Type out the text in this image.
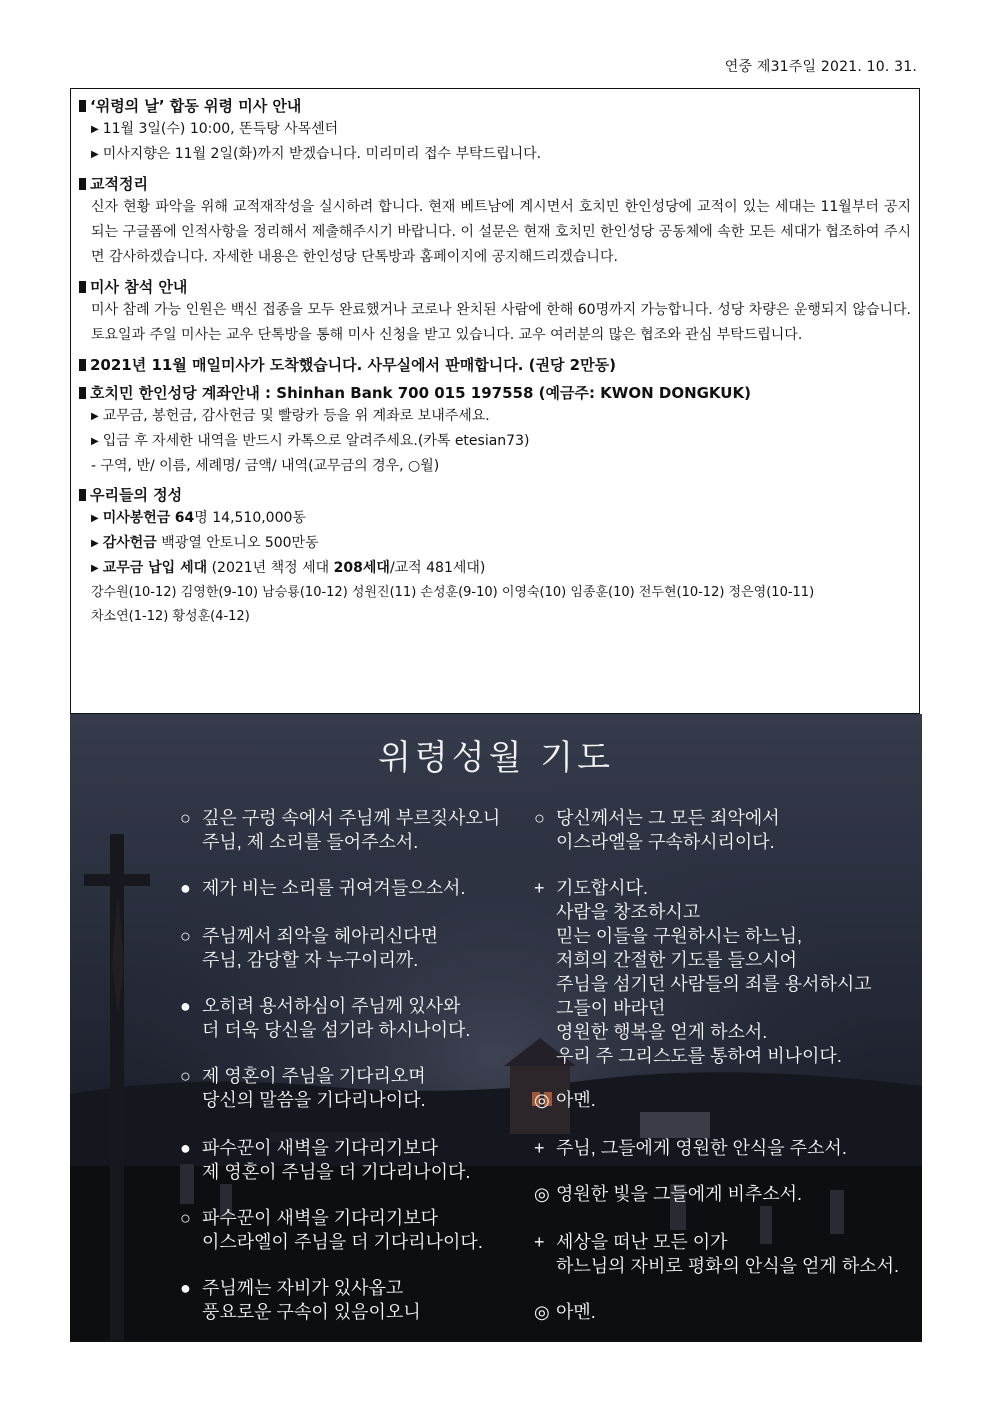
연중 제31주일 2021. 10. 31.
‘위령의 날’ 합동 위령 미사 안내
▶ 11월 3일(수) 10:00, 똔득탕 사목센터
▶ 미사지향은 11월 2일(화)까지 받겠습니다. 미리미리 접수 부탁드립니다.
교적정리
신자 현황 파악을 위해 교적재작성을 실시하려 합니다. 현재 베트남에 계시면서 호치민 한인성당에 교적이 있는 세대는 11월부터 공지되는 구글폼에 인적사항을 정리해서 제출해주시기 바랍니다. 이 설문은 현재 호치민 한인성당 공동체에 속한 모든 세대가 협조하여 주시면 감사하겠습니다. 자세한 내용은 한인성당 단톡방과 홈페이지에 공지해드리겠습니다.
미사 참석 안내
미사 참례 가능 인원은 백신 접종을 모두 완료했거나 코로나 완치된 사람에 한해 60명까지 가능합니다. 성당 차량은 운행되지 않습니다. 토요일과 주일 미사는 교우 단톡방을 통해 미사 신청을 받고 있습니다. 교우 여러분의 많은 협조와 관심 부탁드립니다.
2021년 11월 매일미사가 도착했습니다. 사무실에서 판매합니다. (권당 2만동)
호치민 한인성당 계좌안내 : Shinhan Bank 700 015 197558 (예금주: KWON DONGKUK)
▶ 교무금, 봉헌금, 감사헌금 및 빨랑카 등을 위 계좌로 보내주세요.
▶ 입금 후 자세한 내역을 반드시 카톡으로 알려주세요.(카톡 etesian73)
- 구역, 반/ 이름, 세례명/ 금액/ 내역(교무금의 경우, ○월)
우리들의 정성
▶ 미사봉헌금 64명 14,510,000동
▶ 감사헌금 백광열 안토니오 500만동
▶ 교무금 납입 세대 (2021년 책정 세대 208세대/교적 481세대)
강수원(10-12) 김영한(9-10) 남승룡(10-12) 성원진(11) 손성훈(9-10) 이영숙(10) 임종훈(10) 전두현(10-12) 정은영(10-11)
차소연(1-12) 황성훈(4-12)
위령성월 기도
○ 깊은 구렁 속에서 주님께 부르짖사오니
주님, 제 소리를 들어주소서.
● 제가 비는 소리를 귀여겨들으소서.
○ 주님께서 죄악을 헤아리신다면
주님, 감당할 자 누구이리까.
● 오히려 용서하심이 주님께 있사와
더 더욱 당신을 섬기라 하시나이다.
○ 제 영혼이 주님을 기다리오며
당신의 말씀을 기다리나이다.
● 파수꾼이 새벽을 기다리기보다
제 영혼이 주님을 더 기다리나이다.
○ 파수꾼이 새벽을 기다리기보다
이스라엘이 주님을 더 기다리나이다.
● 주님께는 자비가 있사옵고
풍요로운 구속이 있음이오니
○ 당신께서는 그 모든 죄악에서
이스라엘을 구속하시리이다.
+ 기도합시다.
사람을 창조하시고
믿는 이들을 구원하시는 하느님,
저희의 간절한 기도를 들으시어
주님을 섬기던 사람들의 죄를 용서하시고
그들이 바라던
영원한 행복을 얻게 하소서.
우리 주 그리스도를 통하여 비나이다.
◎ 아멘.
+ 주님, 그들에게 영원한 안식을 주소서.
◎ 영원한 빛을 그들에게 비추소서.
+ 세상을 떠난 모든 이가
하느님의 자비로 평화의 안식을 얻게 하소서.
◎ 아멘.
